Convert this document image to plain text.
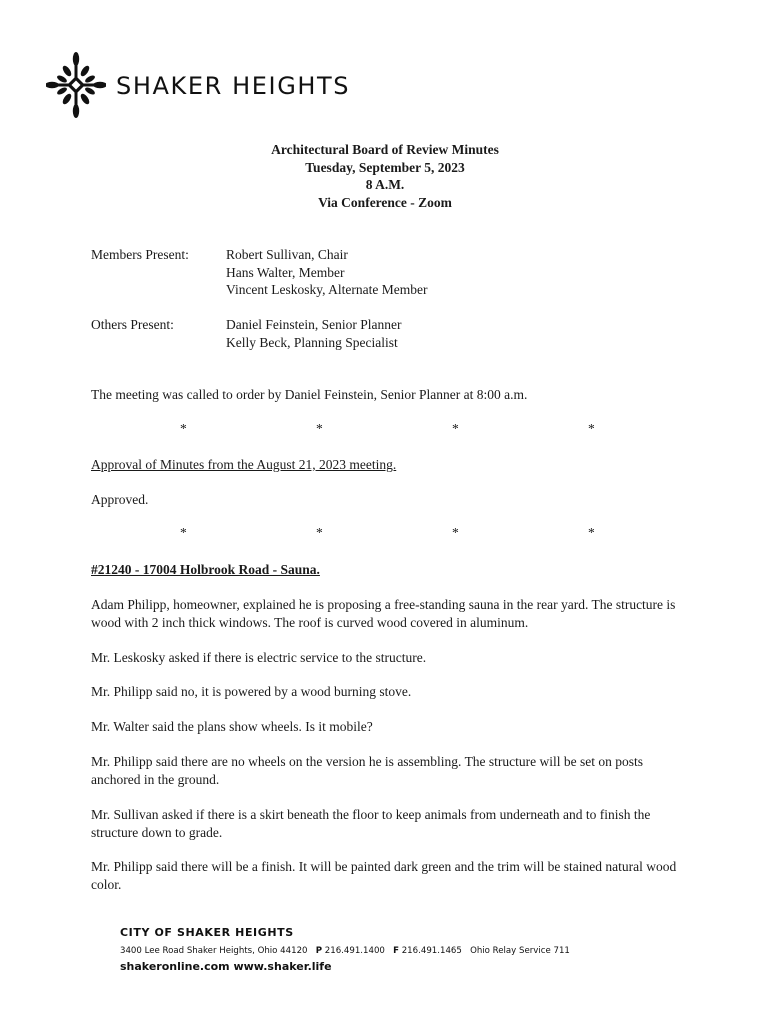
SHAKER HEIGHTS
Architectural Board of Review Minutes
Tuesday, September 5, 2023
8 A.M.
Via Conference - Zoom
Members Present:	Robert Sullivan, Chair
Hans Walter, Member
Vincent Leskosky, Alternate Member
Others Present:	Daniel Feinstein, Senior Planner
Kelly Beck, Planning Specialist

The meeting was called to order by Daniel Feinstein, Senior Planner at 8:00 a.m.

*	*	*	*

Approval of Minutes from the August 21, 2023 meeting.

Approved.

*	*	*	*

#21240 - 17004 Holbrook Road - Sauna.

Adam Philipp, homeowner, explained he is proposing a free-standing sauna in the rear yard. The structure is wood with 2 inch thick windows. The roof is curved wood covered in aluminum.

Mr. Leskosky asked if there is electric service to the structure.

Mr. Philipp said no, it is powered by a wood burning stove.

Mr. Walter said the plans show wheels. Is it mobile?

Mr. Philipp said there are no wheels on the version he is assembling. The structure will be set on posts anchored in the ground.

Mr. Sullivan asked if there is a skirt beneath the floor to keep animals from underneath and to finish the structure down to grade.

Mr. Philipp said there will be a finish. It will be painted dark green and the trim will be stained natural wood color.

CITY OF SHAKER HEIGHTS
3400 Lee Road Shaker Heights, Ohio 44120 P 216.491.1400 F 216.491.1465 Ohio Relay Service 711
shakeronline.com www.shaker.life
